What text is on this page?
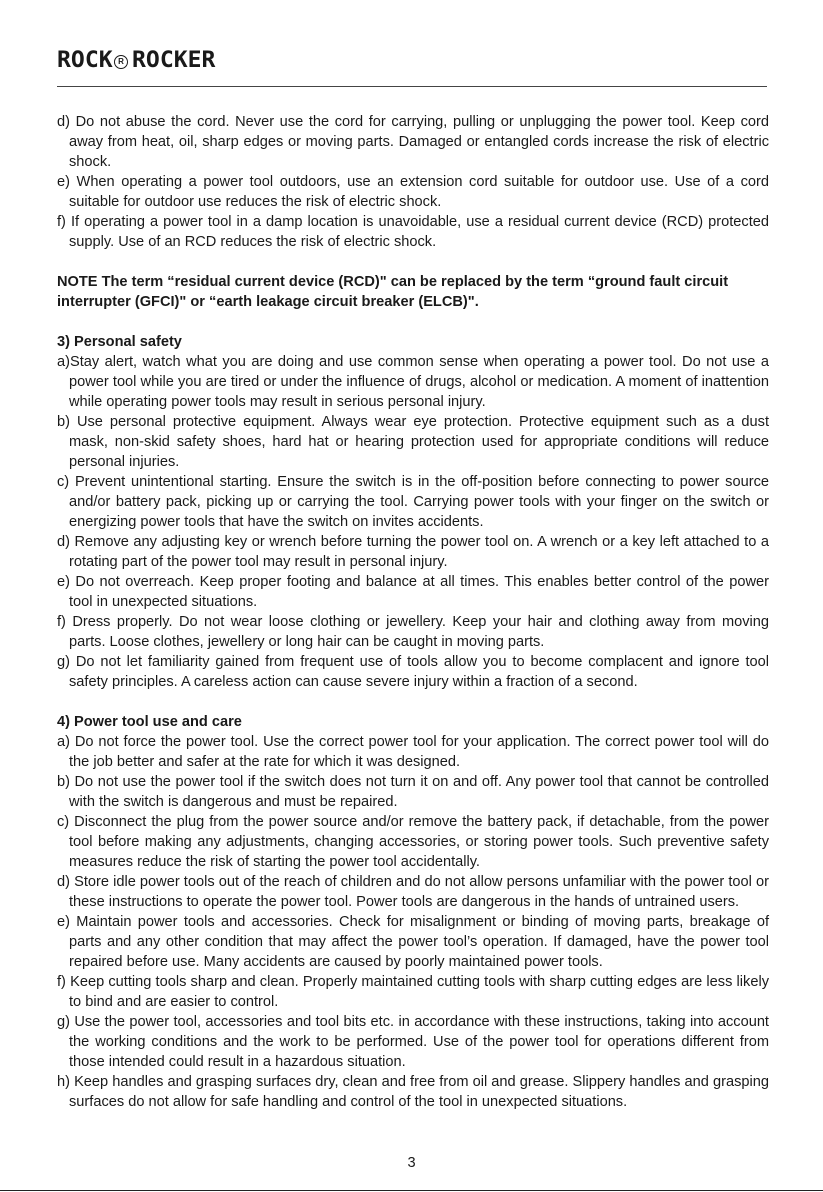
ROCK R ROCKER
d) Do not abuse the cord. Never use the cord for carrying, pulling or unplugging the power tool. Keep cord away from heat, oil, sharp edges or moving parts. Damaged or entangled cords increase the risk of electric shock.
e) When operating a power tool outdoors, use an extension cord suitable for outdoor use. Use of a cord suitable for outdoor use reduces the risk of electric shock.
f) If operating a power tool in a damp location is unavoidable, use a residual current device (RCD) protected supply. Use of an RCD reduces the risk of electric shock.
NOTE The term “residual current device (RCD)" can be replaced by the term “ground fault circuit interrupter (GFCI)" or “earth leakage circuit breaker (ELCB)".
3) Personal safety
a)Stay alert, watch what you are doing and use common sense when operating a power tool. Do not use a power tool while you are tired or under the influence of drugs, alcohol or medication. A moment of inattention while operating power tools may result in serious personal injury.
b) Use personal protective equipment. Always wear eye protection. Protective equipment such as a dust mask, non-skid safety shoes, hard hat or hearing protection used for appropriate conditions will reduce personal injuries.
c) Prevent unintentional starting. Ensure the switch is in the off-position before connecting to power source and/or battery pack, picking up or carrying the tool. Carrying power tools with your finger on the switch or energizing power tools that have the switch on invites accidents.
d) Remove any adjusting key or wrench before turning the power tool on. A wrench or a key left attached to a rotating part of the power tool may result in personal injury.
e) Do not overreach. Keep proper footing and balance at all times. This enables better control of the power tool in unexpected situations.
f) Dress properly. Do not wear loose clothing or jewellery. Keep your hair and clothing away from moving parts. Loose clothes, jewellery or long hair can be caught in moving parts.
g) Do not let familiarity gained from frequent use of tools allow you to become complacent and ignore tool safety principles. A careless action can cause severe injury within a fraction of a second.
4) Power tool use and care
a) Do not force the power tool. Use the correct power tool for your application. The correct power tool will do the job better and safer at the rate for which it was designed.
b) Do not use the power tool if the switch does not turn it on and off. Any power tool that cannot be controlled with the switch is dangerous and must be repaired.
c) Disconnect the plug from the power source and/or remove the battery pack, if detachable, from the power tool before making any adjustments, changing accessories, or storing power tools. Such preventive safety measures reduce the risk of starting the power tool accidentally.
d) Store idle power tools out of the reach of children and do not allow persons unfamiliar with the power tool or these instructions to operate the power tool. Power tools are dangerous in the hands of untrained users.
e) Maintain power tools and accessories. Check for misalignment or binding of moving parts, breakage of parts and any other condition that may affect the power tool’s operation. If damaged, have the power tool repaired before use. Many accidents are caused by poorly maintained power tools.
f) Keep cutting tools sharp and clean. Properly maintained cutting tools with sharp cutting edges are less likely to bind and are easier to control.
g) Use the power tool, accessories and tool bits etc. in accordance with these instructions, taking into account the working conditions and the work to be performed. Use of the power tool for operations different from those intended could result in a hazardous situation.
h) Keep handles and grasping surfaces dry, clean and free from oil and grease. Slippery handles and grasping surfaces do not allow for safe handling and control of the tool in unexpected situations.
3
